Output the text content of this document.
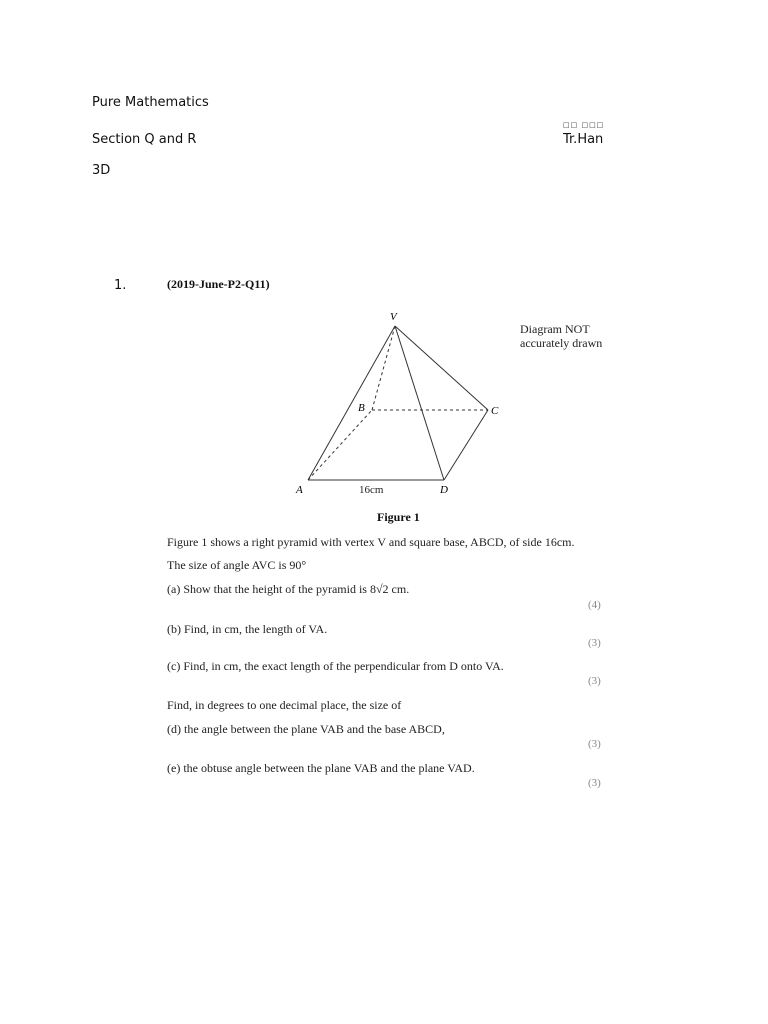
Pure Mathematics
Section Q and R
3D
□□ □□□
Tr.Han
1.	(2019-June-P2-Q11)
V
B	C
A	D
16cm
Diagram NOT
accurately drawn
Figure 1
Figure 1 shows a right pyramid with vertex V and square base, ABCD, of side 16cm.
The size of angle AVC is 90°
(a) Show that the height of the pyramid is 8√2 cm.
(4)
(b) Find, in cm, the length of VA.
(3)
(c) Find, in cm, the exact length of the perpendicular from D onto VA.
(3)
Find, in degrees to one decimal place, the size of
(d) the angle between the plane VAB and the base ABCD,
(3)
(e) the obtuse angle between the plane VAB and the plane VAD.
(3)
